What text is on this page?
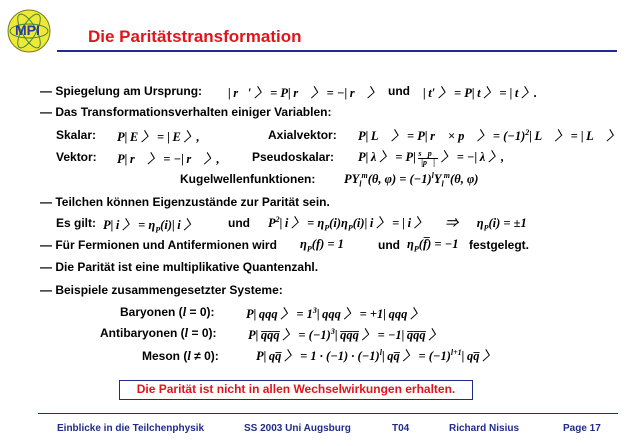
MPI	Die Paritätstransformation
— Spiegelung am Ursprung: | r⃗′ 〉 = P| r⃗ 〉 = −| r⃗ 〉 und | t′ 〉 = P| t 〉 = | t 〉.
— Das Transformationsverhalten einiger Variablen:
Skalar: P| E 〉 = | E 〉,	Axialvektor: P| L⃗ 〉 = P| r⃗ × p⃗ 〉 = $(-1)^2|$ L⃗ 〉 = | L⃗ 〉
Vektor: P| r⃗ 〉 = −| r⃗ 〉,	Pseudoskalar: P| λ 〉 = $P| \frac{s⃗p⃗}{|p⃗|}$ 〉 = −| λ 〉,
Kugelwellenfunktionen: $PY_l^m(\theta$, $\varphi) = (-1)^lY_l^m(\theta$, φ)
— Teilchen können Eigenzustände zur Parität sein.
Es gilt: P| i 〉 = $\eta_P(i)|$ i 〉	und $P^2|$ i 〉 = $\eta_P(i)\eta_P(i)|$ i 〉 = | i 〉   ⇒   $\eta_P(i) = \pm 1$
— Für Fermionen und Antifermionen wird $\eta_P(f) = 1$	und $\eta_P(f̅) = -1$ festgelegt.
— Die Parität ist eine multiplikative Quantenzahl.
— Beispiele zusammengesetzter Systeme:
Baryonen (l = 0):	P| qqq 〉 = $1^3|$ qqq 〉 = +1| qqq 〉
Antibaryonen (l = 0):	P| q̅q̅q̅ 〉 = $(-1)^3|$ q̅q̅q̅ 〉 = −1| q̅q̅q̅ 〉
Meson (l ≠ 0):	P| qq̅ 〉 = $1 \cdot (-1) \cdot (-1)^l|$ qq̅ 〉 = $(-1)^{l+1}|$ qq̅ 〉
Die Parität ist nicht in allen Wechselwirkungen erhalten.
Einblicke in die Teilchenphysik	SS 2003 Uni Augsburg	T04	Richard Nisius	Page 17
